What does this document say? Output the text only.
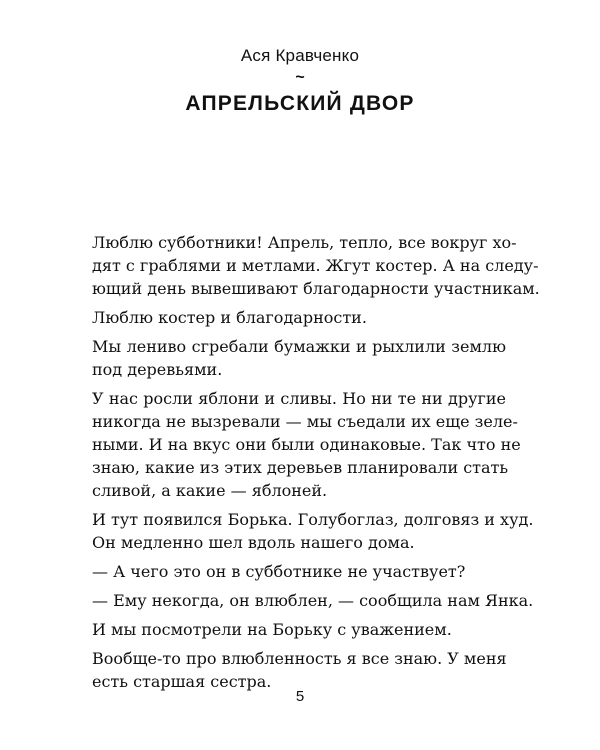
Ася Кравченко
~
АПРЕЛЬСКИЙ ДВОР
Люблю субботники! Апрель, тепло, все вокруг хо-
дят с граблями и метлами. Жгут костер. А на следу-
ющий день вывешивают благодарности участникам.
Люблю костер и благодарности.
Мы лениво сгребали бумажки и рыхлили землю
под деревьями.
У нас росли яблони и сливы. Но ни те ни другие
никогда не вызревали — мы съедали их еще зеле-
ными. И на вкус они были одинаковые. Так что не
знаю, какие из этих деревьев планировали стать
сливой, а какие — яблоней.
И тут появился Борька. Голубоглаз, долговяз и худ.
Он медленно шел вдоль нашего дома.
— А чего это он в субботнике не участвует?
— Ему некогда, он влюблен, — сообщила нам Янка.
И мы посмотрели на Борьку с уважением.
Вообще-то про влюбленность я все знаю. У меня
есть старшая сестра.
5
